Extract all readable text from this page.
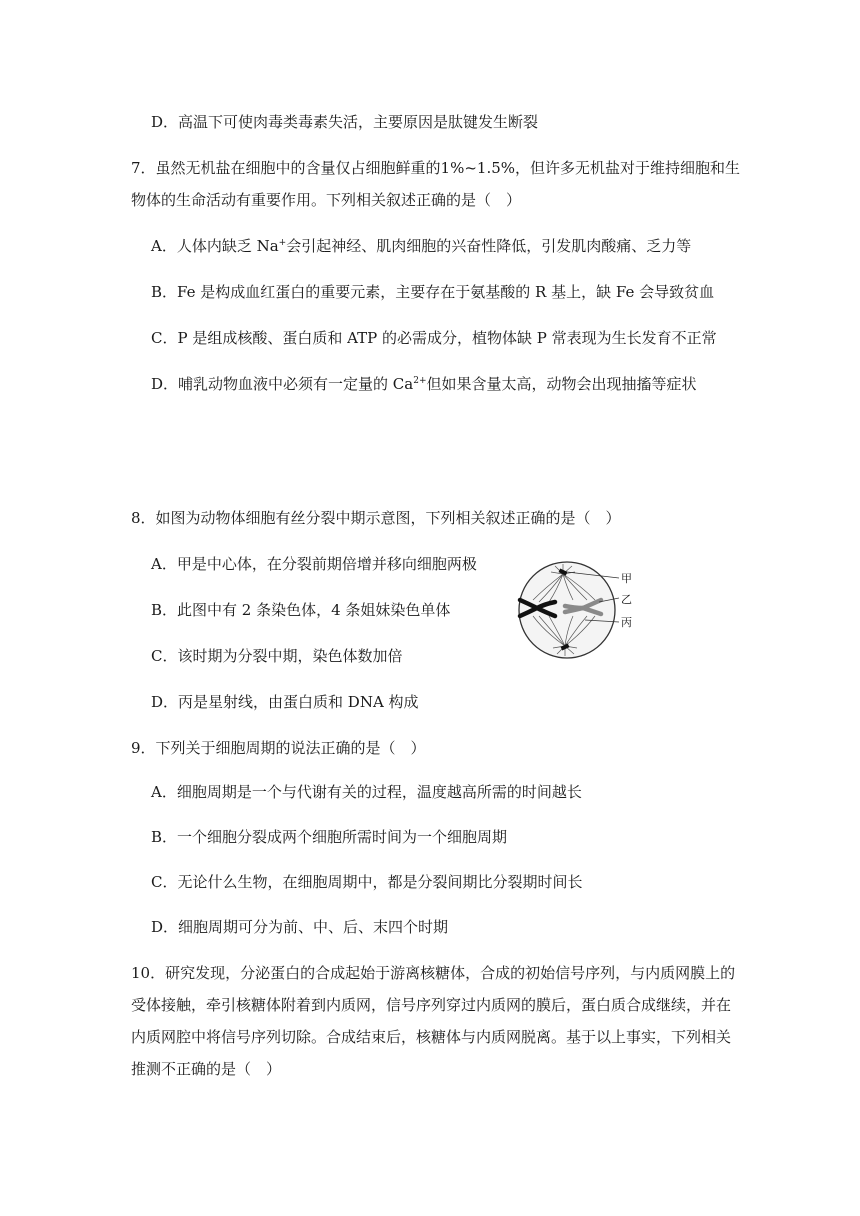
D．高温下可使肉毒类毒素失活，主要原因是肽键发生断裂
7．虽然无机盐在细胞中的含量仅占细胞鲜重的1%~1.5%，但许多无机盐对于维持细胞和生
物体的生命活动有重要作用。下列相关叙述正确的是（　）
A．人体内缺乏 Na+会引起神经、肌肉细胞的兴奋性降低，引发肌肉酸痛、乏力等
B．Fe 是构成血红蛋白的重要元素，主要存在于氨基酸的 R 基上，缺 Fe 会导致贫血
C．P 是组成核酸、蛋白质和 ATP 的必需成分，植物体缺 P 常表现为生长发育不正常
D．哺乳动物血液中必须有一定量的 $Ca^{2+}$但如果含量太高，动物会出现抽搐等症状
8．如图为动物体细胞有丝分裂中期示意图，下列相关叙述正确的是（　）
A．甲是中心体，在分裂前期倍增并移向细胞两极
B．此图中有 2 条染色体，4 条姐妹染色单体
C．该时期为分裂中期，染色体数加倍
D．丙是星射线，由蛋白质和 DNA 构成
甲
乙
丙
9．下列关于细胞周期的说法正确的是（　）
A．细胞周期是一个与代谢有关的过程，温度越高所需的时间越长
B．一个细胞分裂成两个细胞所需时间为一个细胞周期
C．无论什么生物，在细胞周期中，都是分裂间期比分裂期时间长
D．细胞周期可分为前、中、后、末四个时期
10．研究发现，分泌蛋白的合成起始于游离核糖体，合成的初始信号序列，与内质网膜上的
受体接触，牵引核糖体附着到内质网，信号序列穿过内质网的膜后，蛋白质合成继续，并在
内质网腔中将信号序列切除。合成结束后，核糖体与内质网脱离。基于以上事实，下列相关
推测不正确的是（　）
